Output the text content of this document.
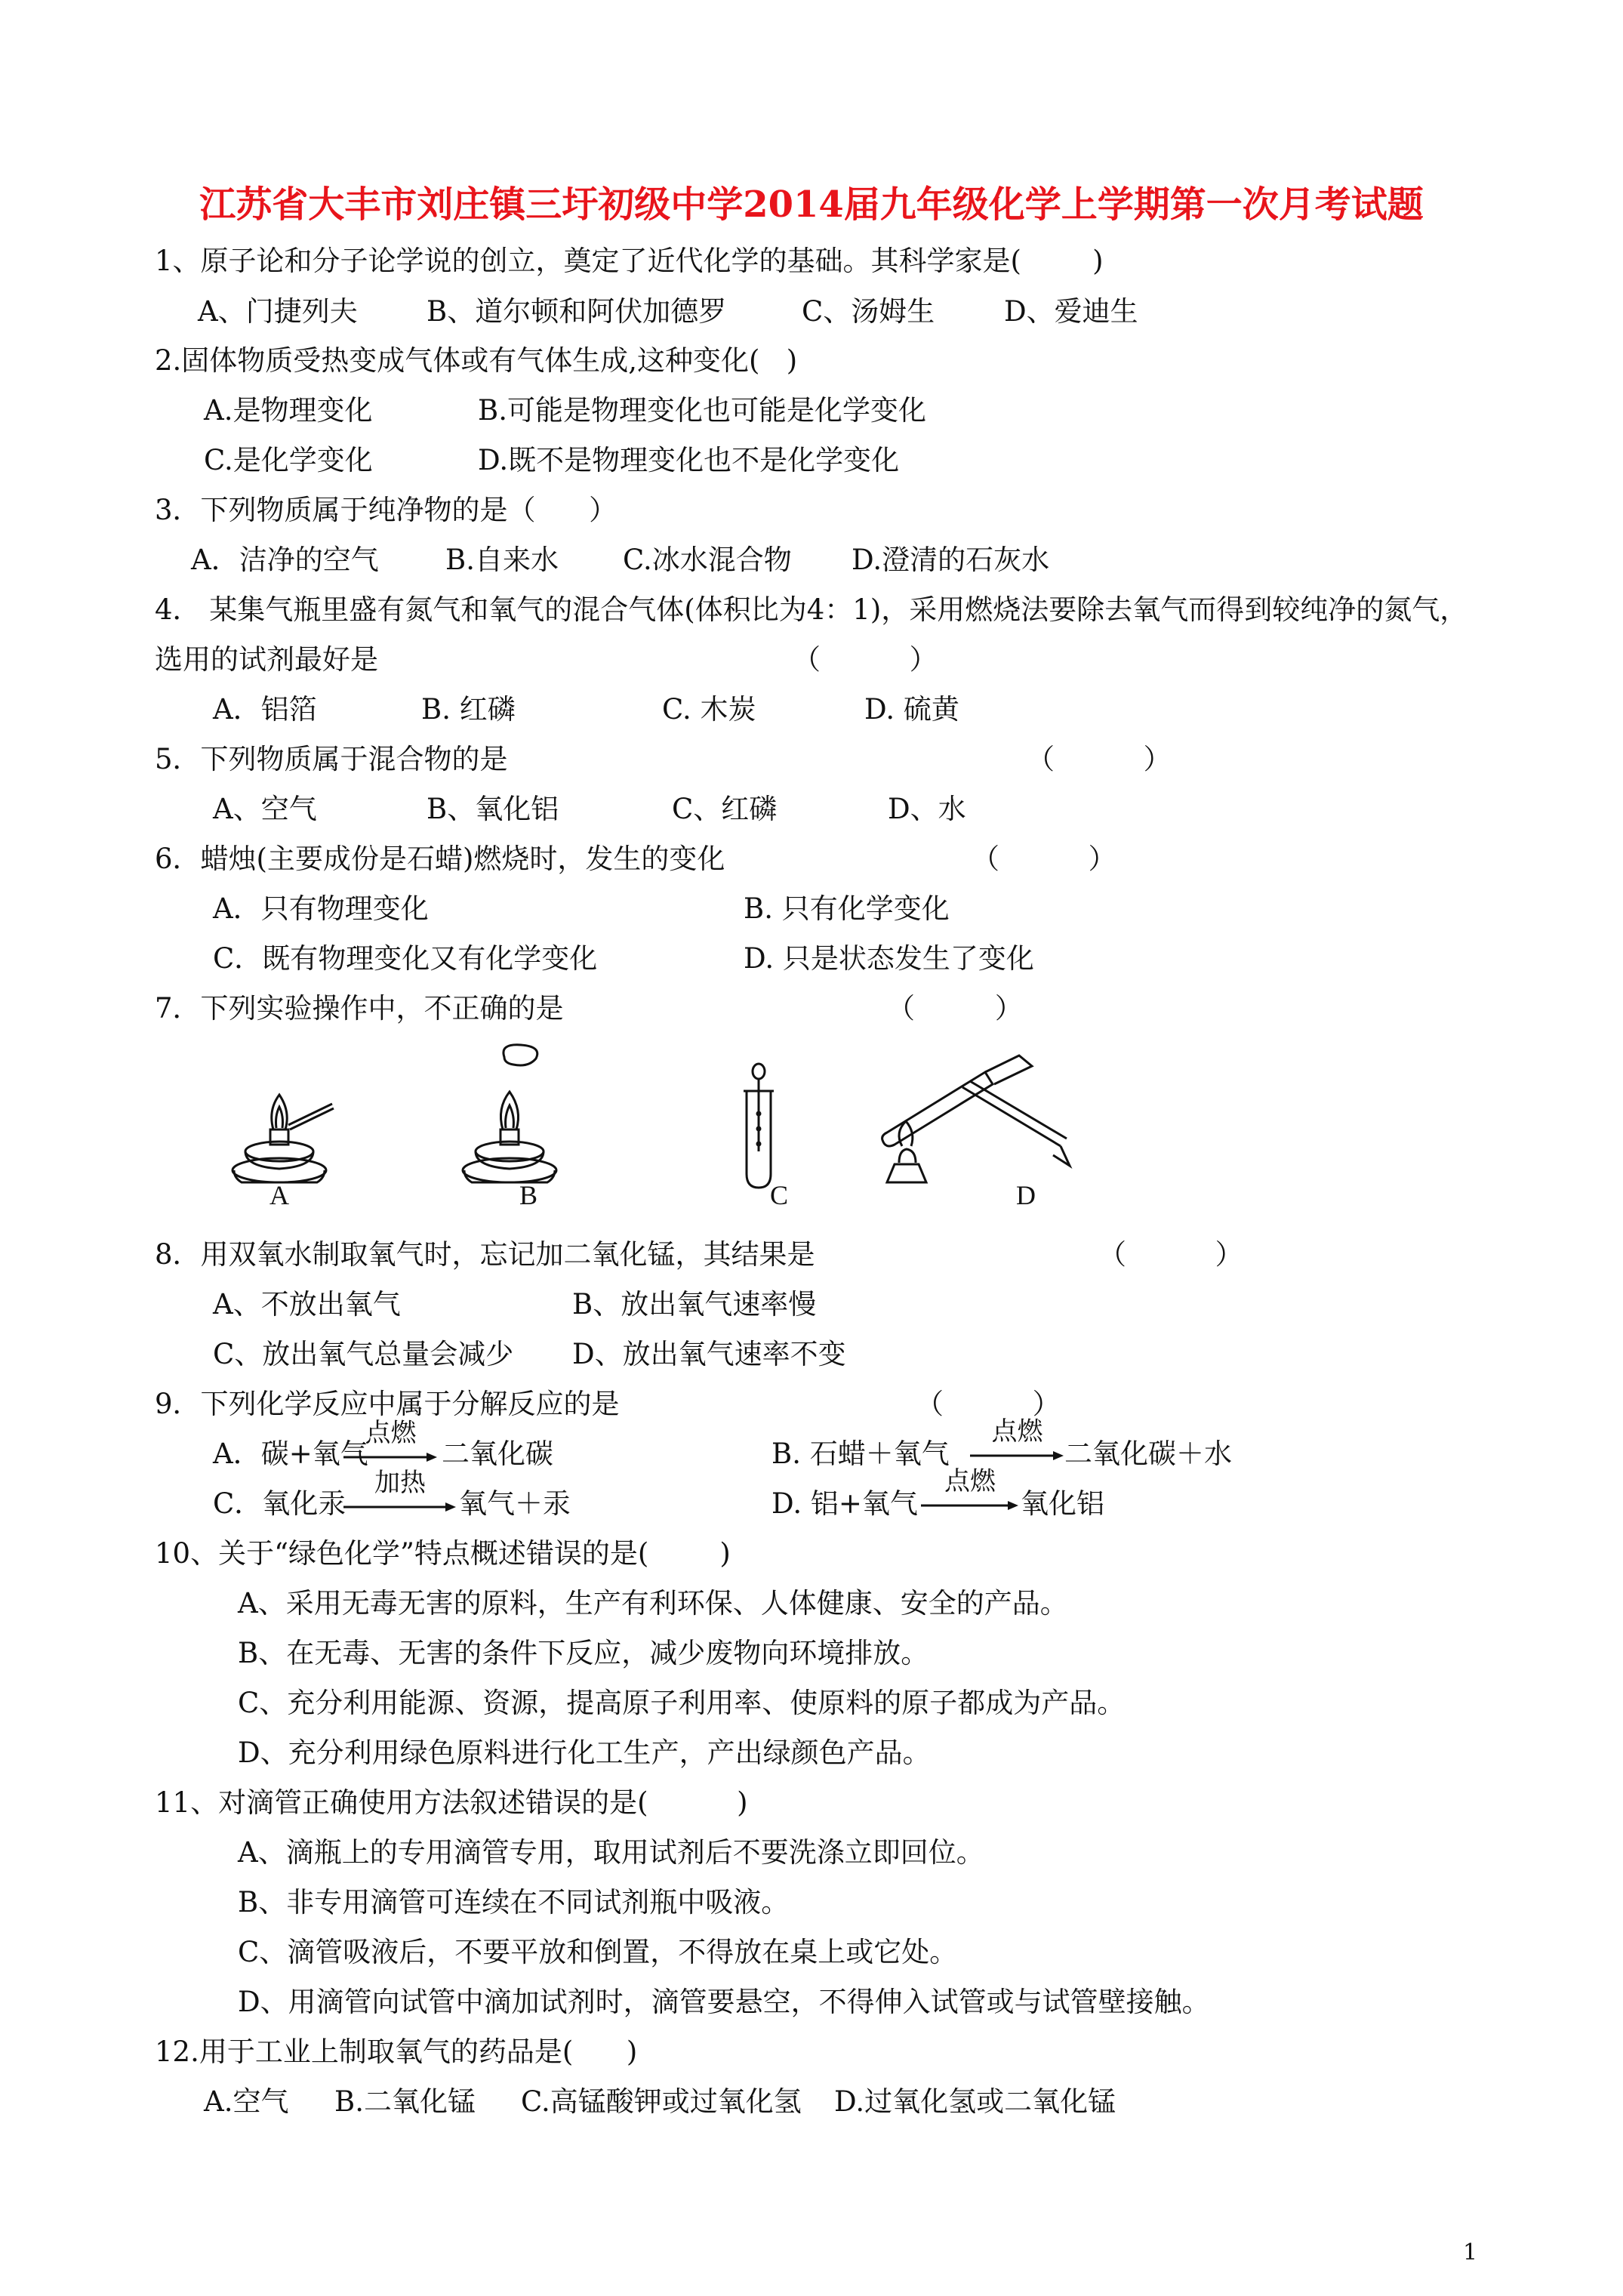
江苏省大丰市刘庄镇三圩初级中学2014届九年级化学上学期第一次月考试题
1、原子论和分子论学说的创立，奠定了近代化学的基础。其科学家是(        )
A、门捷列夫 B、道尔顿和阿伏加德罗	C、汤姆生 D、爱迪生
2.固体物质受热变成气体或有气体生成,这种变化(   )
A.是物理变化	B.可能是物理变化也可能是化学变化
C.是化学变化	D.既不是物理变化也不是化学变化
3．下列物质属于纯净物的是（      ）
A．洁净的空气 B.自来水 C.冰水混合物 D.澄清的石灰水
4． 某集气瓶里盛有氮气和氧气的混合气体(体积比为4：1)，采用燃烧法要除去氧气而得到较纯净的氮气，
选用的试剂最好是	（          ）
A．铝箔	B. 红磷	C. 木炭	D. 硫黄
5．下列物质属于混合物的是	（          ）
A、空气	B、氧化铝	C、红磷	D、水
6．蜡烛(主要成份是石蜡)燃烧时，发生的变化	（          ）
A．只有物理变化	B. 只有化学变化
C．既有物理变化又有化学变化	D. 只是状态发生了变化
7．下列实验操作中，不正确的是	（         ）
A	B	C	D
8．用双氧水制取氧气时，忘记加二氧化锰，其结果是	（          ）
A、不放出氧气	B、放出氧气速率慢
C、放出氧气总量会减少 D、放出氧气速率不变
9．下列化学反应中属于分解反应的是	（          ）
A．碳+氧气
点燃
二氧化碳	B. 石蜡＋氧气
点燃
二氧化碳＋水
C．氧化汞
加热
氧气＋汞	D. 铝+氧气
点燃
氧化铝
10、关于“绿色化学”特点概述错误的是(        )
A、采用无毒无害的原料，生产有利环保、人体健康、安全的产品。
B、在无毒、无害的条件下反应，减少废物向环境排放。
C、充分利用能源、资源，提高原子利用率、使原料的原子都成为产品。
D、充分利用绿色原料进行化工生产，产出绿颜色产品。
11、对滴管正确使用方法叙述错误的是(          )
A、滴瓶上的专用滴管专用，取用试剂后不要洗涤立即回位。
B、非专用滴管可连续在不同试剂瓶中吸液。
C、滴管吸液后，不要平放和倒置，不得放在桌上或它处。
D、用滴管向试管中滴加试剂时，滴管要悬空，不得伸入试管或与试管壁接触。
12.用于工业上制取氧气的药品是(      )
A.空气 B.二氧化锰 C.高锰酸钾或过氧化氢 D.过氧化氢或二氧化锰
1
